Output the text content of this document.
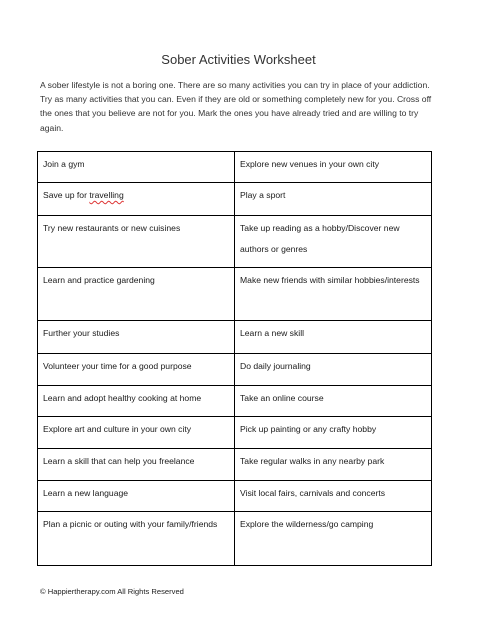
Sober Activities Worksheet

A sober lifestyle is not a boring one. There are so many activities you can try in place of your addiction. Try as many activities that you can. Even if they are old or something completely new for you. Cross off the ones that you believe are not for you. Mark the ones you have already tried and are willing to try again.

Join a gym	Explore new venues in your own city
Save up for travelling	Play a sport
Try new restaurants or new cuisines	Take up reading as a hobby/Discover new authors or genres
Learn and practice gardening	Make new friends with similar hobbies/interests
Further your studies	Learn a new skill
Volunteer your time for a good purpose	Do daily journaling
Learn and adopt healthy cooking at home	Take an online course
Explore art and culture in your own city	Pick up painting or any crafty hobby
Learn a skill that can help you freelance	Take regular walks in any nearby park
Learn a new language	Visit local fairs, carnivals and concerts
Plan a picnic or outing with your family/friends	Explore the wilderness/go camping

© Happiertherapy.com All Rights Reserved
